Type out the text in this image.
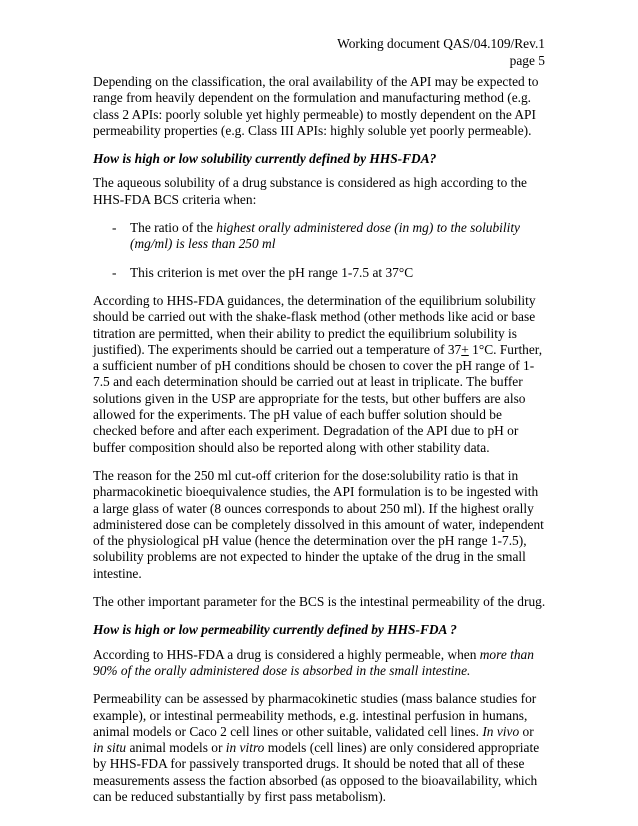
Working document QAS/04.109/Rev.1
page 5

Depending on the classification, the oral availability of the API may be expected to range from heavily dependent on the formulation and manufacturing method (e.g. class 2 APIs: poorly soluble yet highly permeable) to mostly dependent on the API permeability properties (e.g. Class III APIs: highly soluble yet poorly permeable).

How is high or low solubility currently defined by HHS-FDA?

The aqueous solubility of a drug substance is considered as high according to the HHS-FDA BCS criteria when:

-	The ratio of the highest orally administered dose (in mg) to the solubility (mg/ml) is less than 250 ml
-	This criterion is met over the pH range 1-7.5 at 37°C

According to HHS-FDA guidances, the determination of the equilibrium solubility should be carried out with the shake-flask method (other methods like acid or base titration are permitted, when their ability to predict the equilibrium solubility is justified). The experiments should be carried out a temperature of 37+ 1°C. Further, a sufficient number of pH conditions should be chosen to cover the pH range of 1-7.5 and each determination should be carried out at least in triplicate. The buffer solutions given in the USP are appropriate for the tests, but other buffers are also allowed for the experiments. The pH value of each buffer solution should be checked before and after each experiment. Degradation of the API due to pH or buffer composition should also be reported along with other stability data.

The reason for the 250 ml cut-off criterion for the dose:solubility ratio is that in pharmacokinetic bioequivalence studies, the API formulation is to be ingested with a large glass of water (8 ounces corresponds to about 250 ml). If the highest orally administered dose can be completely dissolved in this amount of water, independent of the physiological pH value (hence the determination over the pH range 1-7.5), solubility problems are not expected to hinder the uptake of the drug in the small intestine.

The other important parameter for the BCS is the intestinal permeability of the drug.

How is high or low permeability currently defined by HHS-FDA ?

According to HHS-FDA a drug is considered a highly permeable, when more than 90% of the orally administered dose is absorbed in the small intestine.

Permeability can be assessed by pharmacokinetic studies (mass balance studies for example), or intestinal permeability methods, e.g. intestinal perfusion in humans, animal models or Caco 2 cell lines or other suitable, validated cell lines. In vivo or in situ animal models or in vitro models (cell lines) are only considered appropriate by HHS-FDA for passively transported drugs. It should be noted that all of these measurements assess the faction absorbed (as opposed to the bioavailability, which can be reduced substantially by first pass metabolism).
